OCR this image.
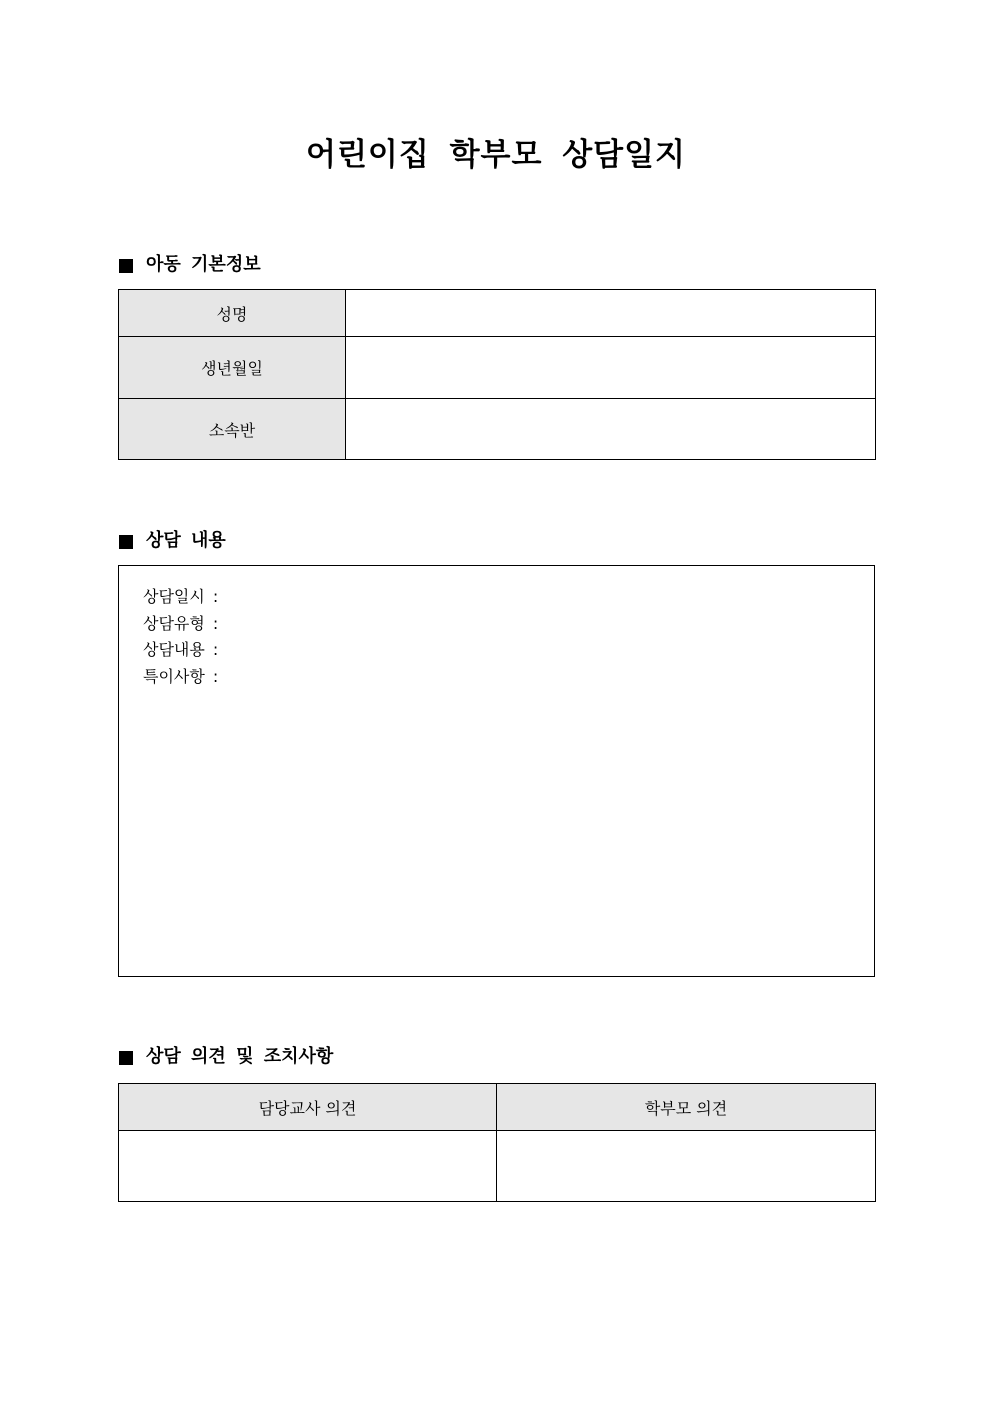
어린이집 학부모 상담일지
아동 기본정보
성명	
생년월일	
소속반	
상담 내용
상담일시 :
상담유형 :
상담내용 :
특이사항 :
상담 의견 및 조치사항
담당교사 의견	학부모 의견
